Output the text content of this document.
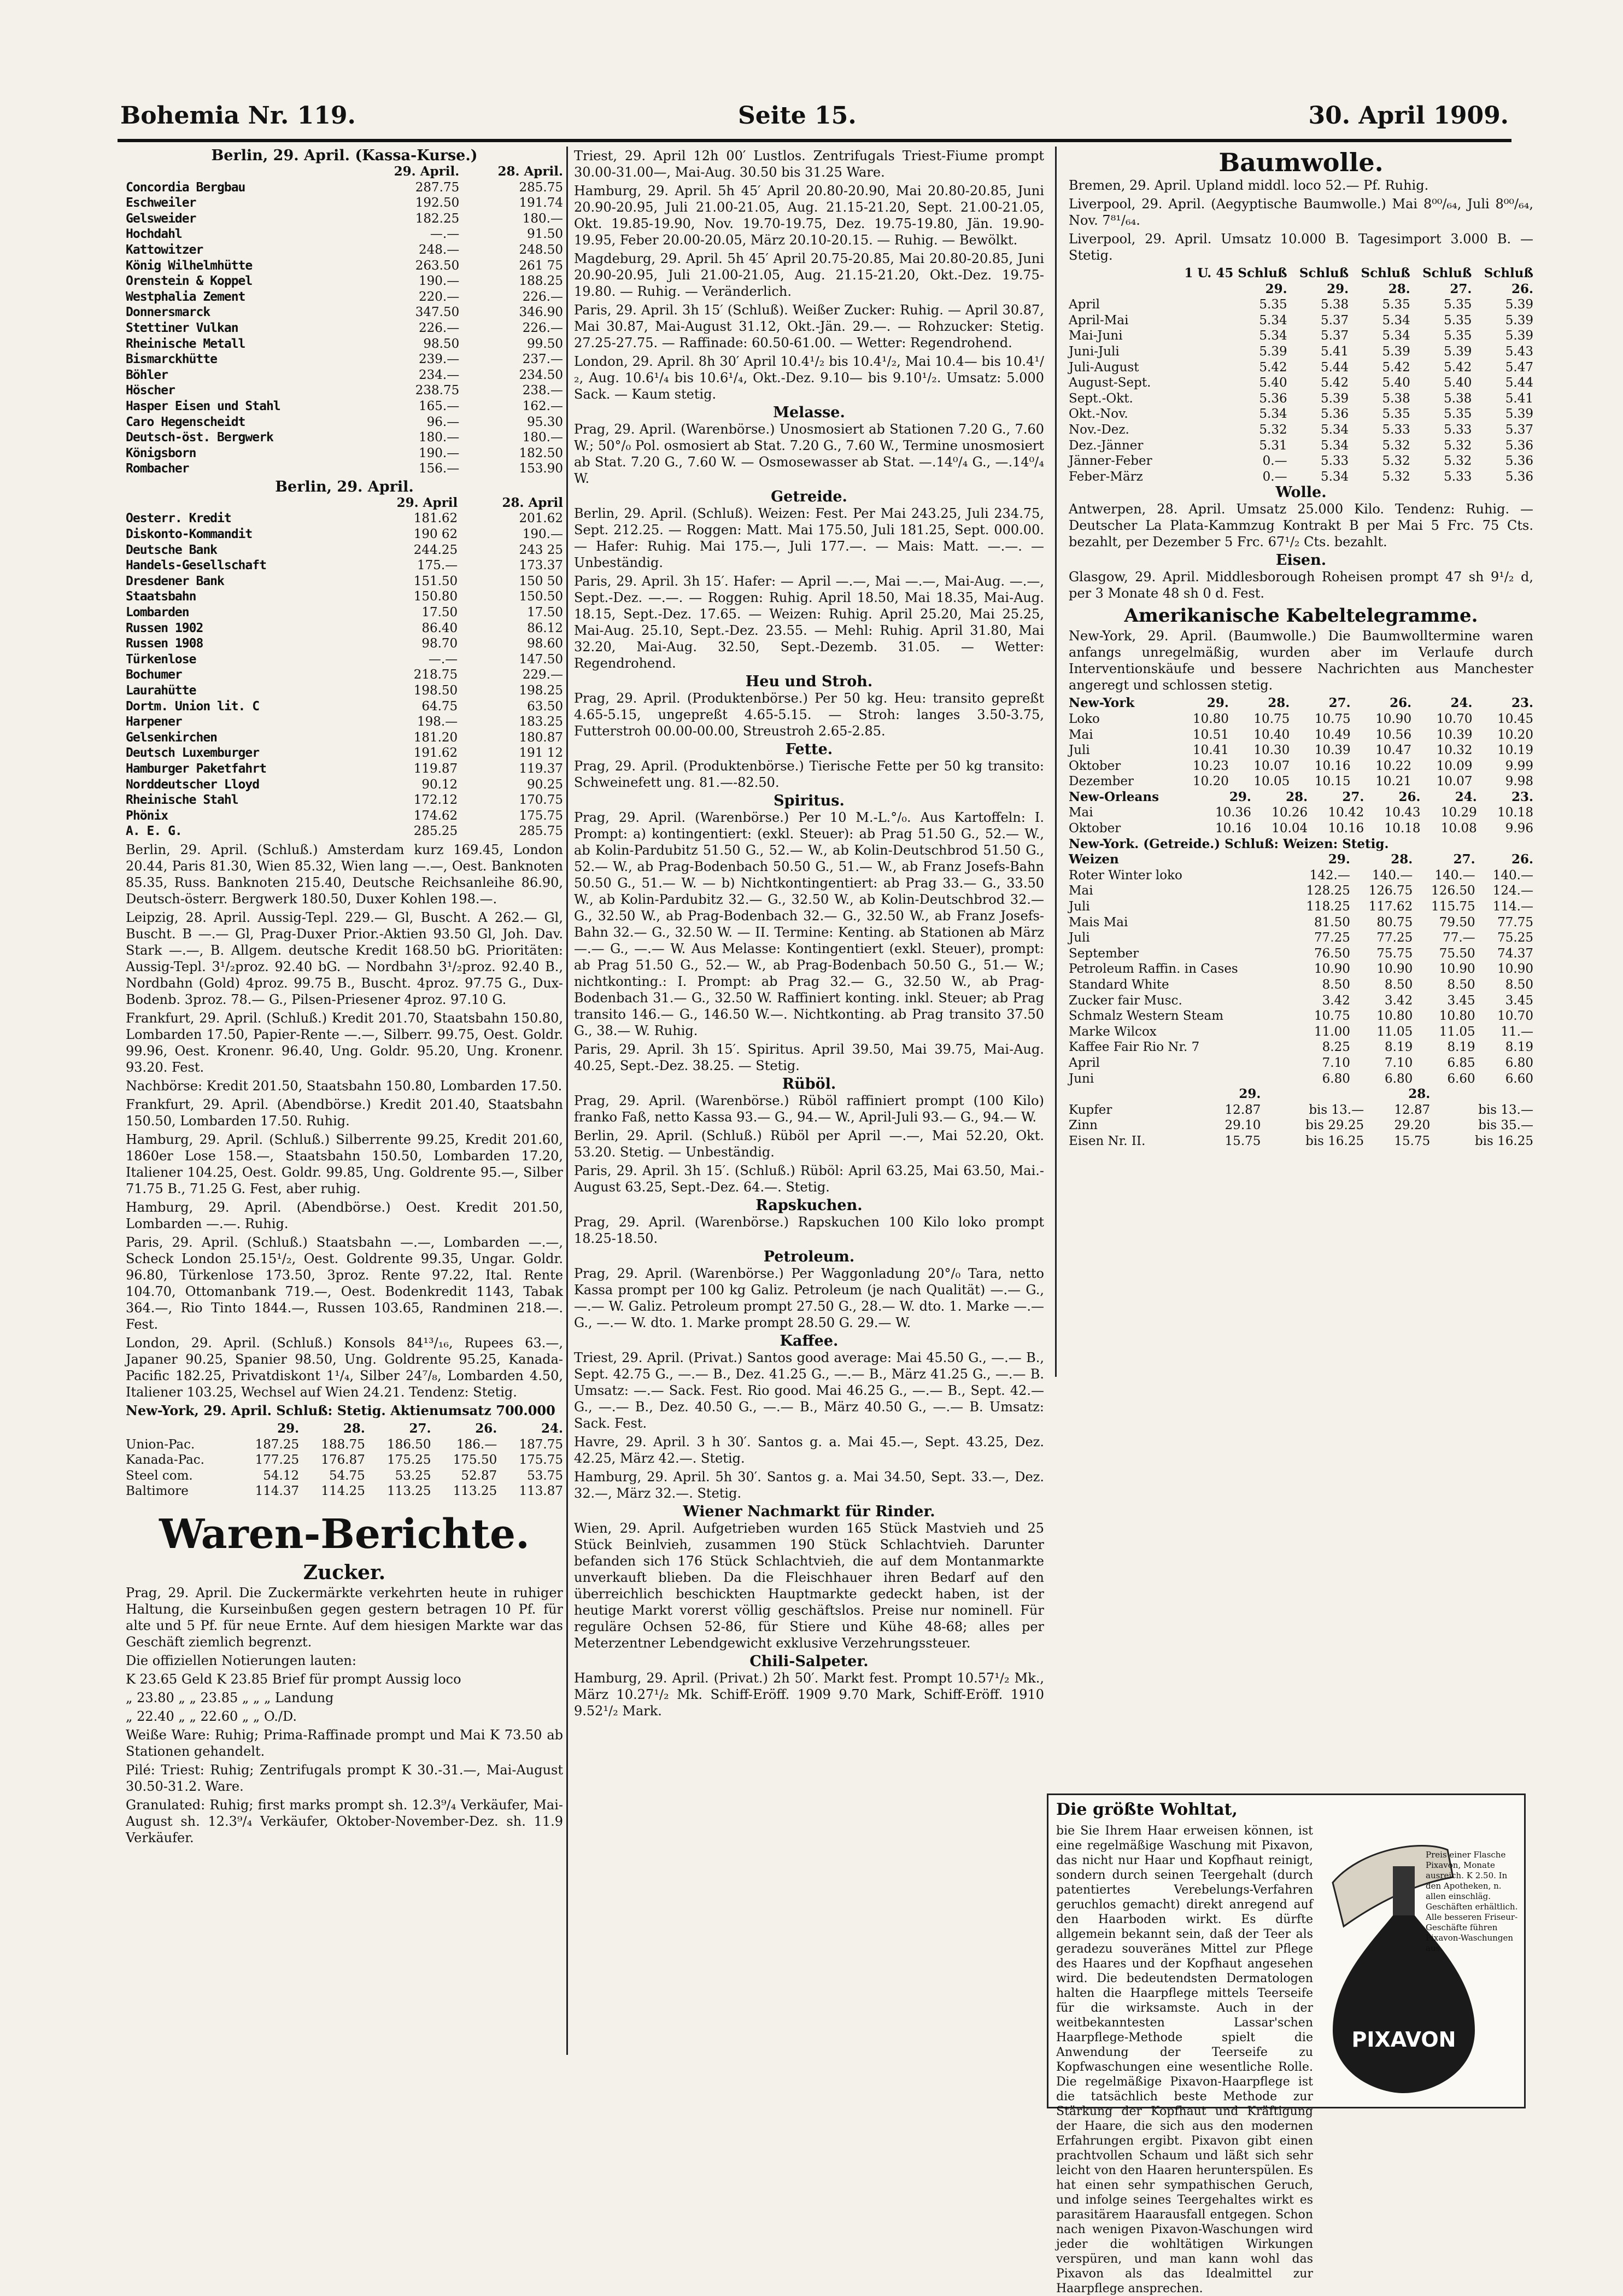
Bohemia Nr. 119.	Seite 15.	30. April 1909.
Berlin, 29. April. (Kassa-Kurse.)
	29. April.	28. April.
Concordia Bergbau	287.75	285.75
Eschweiler	192.50	191.74
Gelsweider	182.25	180.—
Hochdahl	—.—	91.50
Kattowitzer	248.—	248.50
König Wilhelmhütte	263.50	261 75
Orenstein & Koppel	190.—	188.25
Westphalia Zement	220.—	226.—
Donnersmarck	347.50	346.90
Stettiner Vulkan	226.—	226.—
Rheinische Metall	98.50	99.50
Bismarckhütte	239.—	237.—
Böhler	234.—	234.50
Höscher	238.75	238.—
Hasper Eisen und Stahl	165.—	162.—
Caro Hegenscheidt	96.—	95.30
Deutsch-öst. Bergwerk	180.—	180.—
Königsborn	190.—	182.50
Rombacher	156.—	153.90
Berlin, 29. April.
	29. April	28. April
Oesterr. Kredit	181.62	201.62
Diskonto-Kommandit	190 62	190.—
Deutsche Bank	244.25	243 25
Handels-Gesellschaft	175.—	173.37
Dresdener Bank	151.50	150 50
Staatsbahn	150.80	150.50
Lombarden	17.50	17.50
Russen 1902	86.40	86.12
Russen 1908	98.70	98.60
Türkenlose	—.—	147.50
Bochumer	218.75	229.—
Laurahütte	198.50	198.25
Dortm. Union lit. C	64.75	63.50
Harpener	198.—	183.25
Gelsenkirchen	181.20	180.87
Deutsch Luxemburger	191.62	191 12
Hamburger Paketfahrt	119.87	119.37
Norddeutscher Lloyd	90.12	90.25
Rheinische Stahl	172.12	170.75
Phönix	174.62	175.75
A. E. G.	285.25	285.75

Berlin, 29. April. (Schluß.) Amsterdam kurz 169.45, London 20.44, Paris 81.30, Wien 85.32, Wien lang —.—, Oest. Banknoten 85.35, Russ. Banknoten 215.40, Deutsche Reichsanleihe 86.90, Deutsch-österr. Bergwerk 180.50, Duxer Kohlen 198.—.

Leipzig, 28. April. Aussig-Tepl. 229.— Gl, Buscht. A 262.— Gl, Buscht. B —.— Gl, Prag-Duxer Prior.-Aktien 93.50 Gl, Joh. Dav. Stark —.—, B. Allgem. deutsche Kredit 168.50 bG. Prioritäten: Aussig-Tepl. 3¹/₂proz. 92.40 bG. — Nordbahn 3¹/₂proz. 92.40 B., Nordbahn (Gold) 4proz. 99.75 B., Buscht. 4proz. 97.75 G., Dux-Bodenb. 3proz. 78.— G., Pilsen-Priesener 4proz. 97.10 G.

Frankfurt, 29. April. (Schluß.) Kredit 201.70, Staatsbahn 150.80, Lombarden 17.50, Papier-Rente —.—, Silberr. 99.75, Oest. Goldr. 99.96, Oest. Kronenr. 96.40, Ung. Goldr. 95.20, Ung. Kronenr. 93.20. Fest.

Nachbörse: Kredit 201.50, Staatsbahn 150.80, Lombarden 17.50.

Frankfurt, 29. April. (Abendbörse.) Kredit 201.40, Staatsbahn 150.50, Lombarden 17.50. Ruhig.

Hamburg, 29. April. (Schluß.) Silberrente 99.25, Kredit 201.60, 1860er Lose 158.—, Staatsbahn 150.50, Lombarden 17.20, Italiener 104.25, Oest. Goldr. 99.85, Ung. Goldrente 95.—, Silber 71.75 B., 71.25 G. Fest, aber ruhig.

Hamburg, 29. April. (Abendbörse.) Oest. Kredit 201.50, Lombarden —.—. Ruhig.

Paris, 29. April. (Schluß.) Staatsbahn —.—, Lombarden —.—, Scheck London 25.15¹/₂, Oest. Goldrente 99.35, Ungar. Goldr. 96.80, Türkenlose 173.50, 3proz. Rente 97.22, Ital. Rente 104.70, Ottomanbank 719.—, Oest. Bodenkredit 1143, Tabak 364.—, Rio Tinto 1844.—, Russen 103.65, Randminen 218.—. Fest.

London, 29. April. (Schluß.) Konsols 84¹³/₁₆, Rupees 63.—, Japaner 90.25, Spanier 98.50, Ung. Goldrente 95.25, Kanada-Pacific 182.25, Privatdiskont 1¹/₄, Silber 24⁷/₈, Lombarden 4.50, Italiener 103.25, Wechsel auf Wien 24.21. Tendenz: Stetig.

New-York, 29. April. Schluß: Stetig. Aktienumsatz 700.000

	29.	28.	27.	26.	24.
Union-Pac.	187.25	188.75	186.50	186.—	187.75
Kanada-Pac.	177.25	176.87	175.25	175.50	175.75
Steel com.	54.12	54.75	53.25	52.87	53.75
Baltimore	114.37	114.25	113.25	113.25	113.87
Waren-Berichte.
Zucker.

Prag, 29. April. Die Zuckermärkte verkehrten heute in ruhiger Haltung, die Kurseinbußen gegen gestern betragen 10 Pf. für alte und 5 Pf. für neue Ernte. Auf dem hiesigen Markte war das Geschäft ziemlich begrenzt.

Die offiziellen Notierungen lauten:

K 23.65 Geld K 23.85 Brief für prompt Aussig loco

„ 23.80 „ „ 23.85 „ „ „ Landung

„ 22.40 „ „ 22.60 „ „ O./D.

Weiße Ware: Ruhig; Prima-Raffinade prompt und Mai K 73.50 ab Stationen gehandelt.

Pilé: Triest: Ruhig; Zentrifugals prompt K 30.-31.—, Mai-August 30.50-31.2. Ware.

Granulated: Ruhig; first marks prompt sh. 12.3⁹/₄ Verkäufer, Mai-August sh. 12.3⁹/₄ Verkäufer, Oktober-November-Dez. sh. 11.9 Verkäufer.

Triest, 29. April 12h 00′ Lustlos. Zentrifugals Triest-Fiume prompt 30.00-31.00—, Mai-Aug. 30.50 bis 31.25 Ware.

Hamburg, 29. April. 5h 45′ April 20.80-20.90, Mai 20.80-20.85, Juni 20.90-20.95, Juli 21.00-21.05, Aug. 21.15-21.20, Sept. 21.00-21.05, Okt. 19.85-19.90, Nov. 19.70-19.75, Dez. 19.75-19.80, Jän. 19.90-19.95, Feber 20.00-20.05, März 20.10-20.15. — Ruhig. — Bewölkt.

Magdeburg, 29. April. 5h 45′ April 20.75-20.85, Mai 20.80-20.85, Juni 20.90-20.95, Juli 21.00-21.05, Aug. 21.15-21.20, Okt.-Dez. 19.75-19.80. — Ruhig. — Veränderlich.

Paris, 29. April. 3h 15′ (Schluß). Weißer Zucker: Ruhig. — April 30.87, Mai 30.87, Mai-August 31.12, Okt.-Jän. 29.—. — Rohzucker: Stetig. 27.25-27.75. — Raffinade: 60.50-61.00. — Wetter: Regendrohend.

London, 29. April. 8h 30′ April 10.4¹/₂ bis 10.4¹/₂, Mai 10.4— bis 10.4¹/₂, Aug. 10.6¹/₄ bis 10.6¹/₄, Okt.-Dez. 9.10— bis 9.10¹/₂. Umsatz: 5.000 Sack. — Kaum stetig.

Melasse.

Prag, 29. April. (Warenbörse.) Unosmosiert ab Stationen 7.20 G., 7.60 W.; 50°/₀ Pol. osmosiert ab Stat. 7.20 G., 7.60 W., Termine unosmosiert ab Stat. 7.20 G., 7.60 W. — Osmosewasser ab Stat. —.14⁰/₄ G., —.14⁰/₄ W.

Getreide.

Berlin, 29. April. (Schluß). Weizen: Fest. Per Mai 243.25, Juli 234.75, Sept. 212.25. — Roggen: Matt. Mai 175.50, Juli 181.25, Sept. 000.00. — Hafer: Ruhig. Mai 175.—, Juli 177.—. — Mais: Matt. —.—. — Unbeständig.

Paris, 29. April. 3h 15′. Hafer: — April —.—, Mai —.—, Mai-Aug. —.—, Sept.-Dez. —.—. — Roggen: Ruhig. April 18.50, Mai 18.35, Mai-Aug. 18.15, Sept.-Dez. 17.65. — Weizen: Ruhig. April 25.20, Mai 25.25, Mai-Aug. 25.10, Sept.-Dez. 23.55. — Mehl: Ruhig. April 31.80, Mai 32.20, Mai-Aug. 32.50, Sept.-Dezemb. 31.05. — Wetter: Regendrohend.

Heu und Stroh.

Prag, 29. April. (Produktenbörse.) Per 50 kg. Heu: transito gepreßt 4.65-5.15, ungepreßt 4.65-5.15. — Stroh: langes 3.50-3.75, Futterstroh 00.00-00.00, Streustroh 2.65-2.85.

Fette.

Prag, 29. April. (Produktenbörse.) Tierische Fette per 50 kg transito: Schweinefett ung. 81.—-82.50.

Spiritus.

Prag, 29. April. (Warenbörse.) Per 10 M.-L.°/₀. Aus Kartoffeln: I. Prompt: a) kontingentiert: (exkl. Steuer): ab Prag 51.50 G., 52.— W., ab Kolin-Pardubitz 51.50 G., 52.— W., ab Kolin-Deutschbrod 51.50 G., 52.— W., ab Prag-Bodenbach 50.50 G., 51.— W., ab Franz Josefs-Bahn 50.50 G., 51.— W. — b) Nichtkontingentiert: ab Prag 33.— G., 33.50 W., ab Kolin-Pardubitz 32.— G., 32.50 W., ab Kolin-Deutschbrod 32.— G., 32.50 W., ab Prag-Bodenbach 32.— G., 32.50 W., ab Franz Josefs-Bahn 32.— G., 32.50 W. — II. Termine: Kenting. ab Stationen ab März —.— G., —.— W. Aus Melasse: Kontingentiert (exkl. Steuer), prompt: ab Prag 51.50 G., 52.— W., ab Prag-Bodenbach 50.50 G., 51.— W.; nichtkonting.: I. Prompt: ab Prag 32.— G., 32.50 W., ab Prag-Bodenbach 31.— G., 32.50 W. Raffiniert konting. inkl. Steuer; ab Prag transito 146.— G., 146.50 W.—. Nichtkonting. ab Prag transito 37.50 G., 38.— W. Ruhig.

Paris, 29. April. 3h 15′. Spiritus. April 39.50, Mai 39.75, Mai-Aug. 40.25, Sept.-Dez. 38.25. — Stetig.

Rüböl.

Prag, 29. April. (Warenbörse.) Rüböl raffiniert prompt (100 Kilo) franko Faß, netto Kassa 93.— G., 94.— W., April-Juli 93.— G., 94.— W.

Berlin, 29. April. (Schluß.) Rüböl per April —.—, Mai 52.20, Okt. 53.20. Stetig. — Unbeständig.

Paris, 29. April. 3h 15′. (Schluß.) Rüböl: April 63.25, Mai 63.50, Mai.-August 63.25, Sept.-Dez. 64.—. Stetig.

Rapskuchen.

Prag, 29. April. (Warenbörse.) Rapskuchen 100 Kilo loko prompt 18.25-18.50.

Petroleum.

Prag, 29. April. (Warenbörse.) Per Waggonladung 20°/₀ Tara, netto Kassa prompt per 100 kg Galiz. Petroleum (je nach Qualität) —.— G., —.— W. Galiz. Petroleum prompt 27.50 G., 28.— W. dto. 1. Marke —.— G., —.— W. dto. 1. Marke prompt 28.50 G. 29.— W.

Kaffee.

Triest, 29. April. (Privat.) Santos good average: Mai 45.50 G., —.— B., Sept. 42.75 G., —.— B., Dez. 41.25 G., —.— B., März 41.25 G., —.— B. Umsatz: —.— Sack. Fest. Rio good. Mai 46.25 G., —.— B., Sept. 42.— G., —.— B., Dez. 40.50 G., —.— B., März 40.50 G., —.— B. Umsatz: Sack. Fest.

Havre, 29. April. 3 h 30′. Santos g. a. Mai 45.—, Sept. 43.25, Dez. 42.25, März 42.—. Stetig.

Hamburg, 29. April. 5h 30′. Santos g. a. Mai 34.50, Sept. 33.—, Dez. 32.—, März 32.—. Stetig.

Wiener Nachmarkt für Rinder.

Wien, 29. April. Aufgetrieben wurden 165 Stück Mastvieh und 25 Stück Beinlvieh, zusammen 190 Stück Schlachtvieh. Darunter befanden sich 176 Stück Schlachtvieh, die auf dem Montanmarkte unverkauft blieben. Da die Fleischhauer ihren Bedarf auf den überreichlich beschickten Hauptmarkte gedeckt haben, ist der heutige Markt vorerst völlig geschäftslos. Preise nur nominell. Für reguläre Ochsen 52-86, für Stiere und Kühe 48-68; alles per Meterzentner Lebendgewicht exklusive Verzehrungssteuer.

Chili-Salpeter.

Hamburg, 29. April. (Privat.) 2h 50′. Markt fest. Prompt 10.57¹/₂ Mk., März 10.27¹/₂ Mk. Schiff-Eröff. 1909 9.70 Mark, Schiff-Eröff. 1910 9.52¹/₂ Mark.

Baumwolle.

Bremen, 29. April. Upland middl. loco 52.— Pf. Ruhig.

Liverpool, 29. April. (Aegyptische Baumwolle.) Mai 8⁰⁰/₆₄, Juli 8⁰⁰/₆₄, Nov. 7⁸¹/₆₄.

Liverpool, 29. April. Umsatz 10.000 B. Tagesimport 3.000 B. — Stetig.

	1 U. 45 Schluß	Schluß	Schluß	Schluß	Schluß
	29.	29.	28.	27.	26.
April	5.35	5.38	5.35	5.35	5.39
April-Mai	5.34	5.37	5.34	5.35	5.39
Mai-Juni	5.34	5.37	5.34	5.35	5.39
Juni-Juli	5.39	5.41	5.39	5.39	5.43
Juli-August	5.42	5.44	5.42	5.42	5.47
August-Sept.	5.40	5.42	5.40	5.40	5.44
Sept.-Okt.	5.36	5.39	5.38	5.38	5.41
Okt.-Nov.	5.34	5.36	5.35	5.35	5.39
Nov.-Dez.	5.32	5.34	5.33	5.33	5.37
Dez.-Jänner	5.31	5.34	5.32	5.32	5.36
Jänner-Feber	0.—	5.33	5.32	5.32	5.36
Feber-März	0.—	5.34	5.32	5.33	5.36
Wolle.

Antwerpen, 28. April. Umsatz 25.000 Kilo. Tendenz: Ruhig. — Deutscher La Plata-Kammzug Kontrakt B per Mai 5 Frc. 75 Cts. bezahlt, per Dezember 5 Frc. 67¹/₂ Cts. bezahlt.

Eisen.

Glasgow, 29. April. Middlesborough Roheisen prompt 47 sh 9¹/₂ d, per 3 Monate 48 sh 0 d. Fest.

Amerikanische Kabeltelegramme.

New-York, 29. April. (Baumwolle.) Die Baumwolltermine waren anfangs unregelmäßig, wurden aber im Verlaufe durch Interventionskäufe und bessere Nachrichten aus Manchester angeregt und schlossen stetig.

New-York	29.	28.	27.	26.	24.	23.
Loko	10.80	10.75	10.75	10.90	10.70	10.45
Mai	10.51	10.40	10.49	10.56	10.39	10.20
Juli	10.41	10.30	10.39	10.47	10.32	10.19
Oktober	10.23	10.07	10.16	10.22	10.09	9.99
Dezember	10.20	10.05	10.15	10.21	10.07	9.98
New-Orleans	29.	28.	27.	26.	24.	23.
Mai	10.36	10.26	10.42	10.43	10.29	10.18
Oktober	10.16	10.04	10.16	10.18	10.08	9.96
New-York. (Getreide.) Schluß: Weizen: Stetig.				
Weizen	29.	28.	27.	26.
Roter Winter loko	142.—	140.—	140.—	140.—
Mai	128.25	126.75	126.50	124.—
Juli	118.25	117.62	115.75	114.—
Mais Mai	81.50	80.75	79.50	77.75
Juli	77.25	77.25	77.—	75.25
September	76.50	75.75	75.50	74.37
Petroleum Raffin. in Cases	10.90	10.90	10.90	10.90
Standard White	8.50	8.50	8.50	8.50
Zucker fair Musc.	3.42	3.42	3.45	3.45
Schmalz Western Steam	10.75	10.80	10.80	10.70
Marke Wilcox	11.00	11.05	11.05	11.—
Kaffee Fair Rio Nr. 7	8.25	8.19	8.19	8.19
April	7.10	7.10	6.85	6.80
Juni	6.80	6.80	6.60	6.60
	29.		28.	
Kupfer	12.87	bis 13.—	12.87	bis 13.—
Zinn	29.10	bis 29.25	29.20	bis 35.—
Eisen Nr. II.	15.75	bis 16.25	15.75	bis 16.25
Die größte Wohltat,
bie Sie Ihrem Haar erweisen können, ist eine regelmäßige Waschung mit Pixavon, das nicht nur Haar und Kopfhaut reinigt, sondern durch seinen Teergehalt (durch patentiertes Verebelungs-Verfahren geruchlos gemacht) direkt anregend auf den Haarboden wirkt. Es dürfte allgemein bekannt sein, daß der Teer als geradezu souveränes Mittel zur Pflege des Haares und der Kopfhaut angesehen wird. Die bedeutendsten Dermatologen halten die Haarpflege mittels Teerseife für die wirksamste. Auch in der weitbekanntesten Lassar'schen Haarpflege-Methode spielt die Anwendung der Teerseife zu Kopfwaschungen eine wesentliche Rolle. Die regelmäßige Pixavon-Haarpflege ist die tatsächlich beste Methode zur Stärkung der Kopfhaut und Kräftigung der Haare, die sich aus den modernen Erfahrungen ergibt. Pixavon gibt einen prachtvollen Schaum und läßt sich sehr leicht von den Haaren herunterspülen. Es hat einen sehr sympathischen Geruch, und infolge seines Teergehaltes wirkt es parasitärem Haarausfall entgegen. Schon nach wenigen Pixavon-Waschungen wird jeder die wohltätigen Wirkungen verspüren, und man kann wohl das Pixavon als das Idealmittel zur Haarpflege ansprechen.
PIXAVON
Preis einer Flasche Pixavon, Monate ausreich. K 2.50. In den Apotheken, n. allen einschläg. Geschäften erhältlich. Alle besseren Friseur-Geschäfte führen Pixavon-Waschungen aus.
